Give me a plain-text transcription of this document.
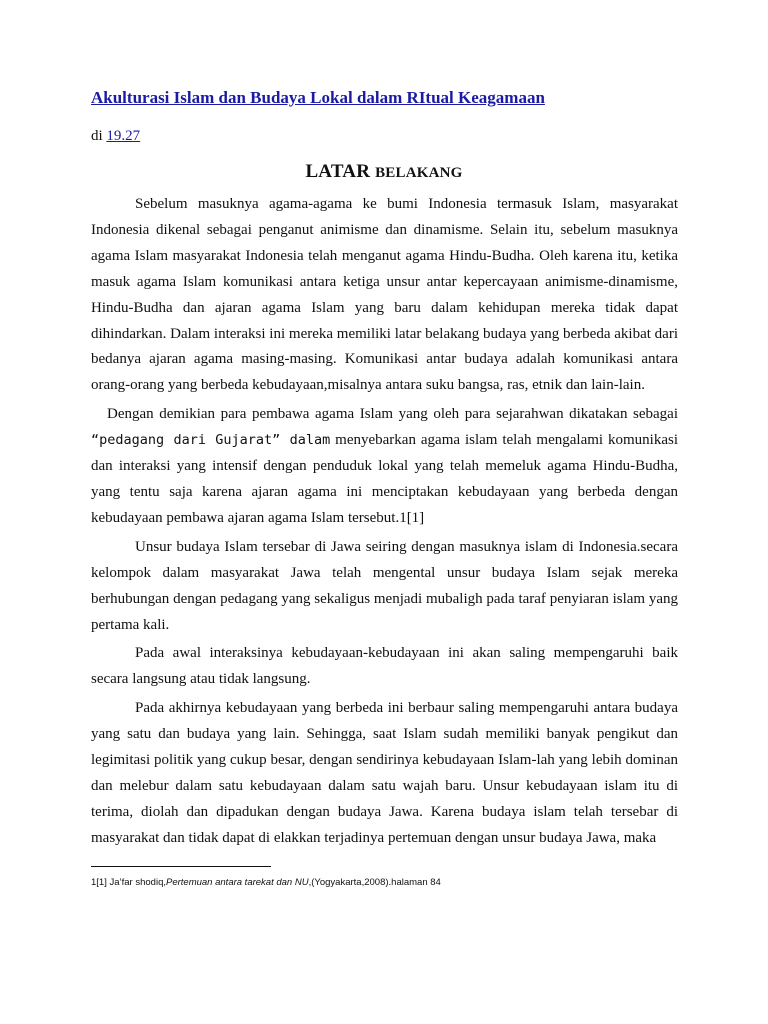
Akulturasi Islam dan Budaya Lokal dalam RItual Keagamaan
di 19.27
LATAR BELAKANG

Sebelum masuknya agama-agama ke bumi Indonesia termasuk Islam, masyarakat Indonesia dikenal sebagai penganut animisme dan dinamisme. Selain itu, sebelum masuknya agama Islam masyarakat Indonesia telah menganut agama Hindu-Budha. Oleh karena itu, ketika masuk agama Islam komunikasi antara ketiga unsur antar kepercayaan animisme-dinamisme, Hindu-Budha dan ajaran agama Islam yang baru dalam kehidupan mereka tidak dapat dihindarkan. Dalam interaksi ini mereka memiliki latar belakang budaya yang berbeda akibat dari bedanya ajaran agama masing-masing. Komunikasi antar budaya adalah komunikasi antara orang-orang yang berbeda kebudayaan,misalnya antara suku bangsa, ras, etnik dan lain-lain.

Dengan demikian para pembawa agama Islam yang oleh para sejarahwan dikatakan sebagai “pedagang dari Gujarat” dalam menyebarkan agama islam telah mengalami komunikasi dan interaksi yang intensif dengan penduduk lokal yang telah memeluk agama Hindu-Budha, yang tentu saja karena ajaran agama ini menciptakan kebudayaan yang berbeda dengan kebudayaan pembawa ajaran agama Islam tersebut.1[1]

Unsur budaya Islam tersebar di Jawa seiring dengan masuknya islam di Indonesia.secara kelompok dalam masyarakat Jawa telah mengental unsur budaya Islam sejak mereka berhubungan dengan pedagang yang sekaligus menjadi mubaligh pada taraf penyiaran islam yang pertama kali.

Pada awal interaksinya kebudayaan-kebudayaan ini akan saling mempengaruhi baik secara langsung atau tidak langsung.

Pada akhirnya kebudayaan yang berbeda ini berbaur saling mempengaruhi antara budaya yang satu dan budaya yang lain. Sehingga, saat Islam sudah memiliki banyak pengikut dan legimitasi politik yang cukup besar, dengan sendirinya kebudayaan Islam-lah yang lebih dominan dan melebur dalam satu kebudayaan dalam satu wajah baru. Unsur kebudayaan islam itu di terima, diolah dan dipadukan dengan budaya Jawa. Karena budaya islam telah tersebar di masyarakat dan tidak dapat di elakkan terjadinya pertemuan dengan unsur budaya Jawa, maka

1[1] Ja’far shodiq,Pertemuan antara tarekat dan NU,(Yogyakarta,2008).halaman 84
